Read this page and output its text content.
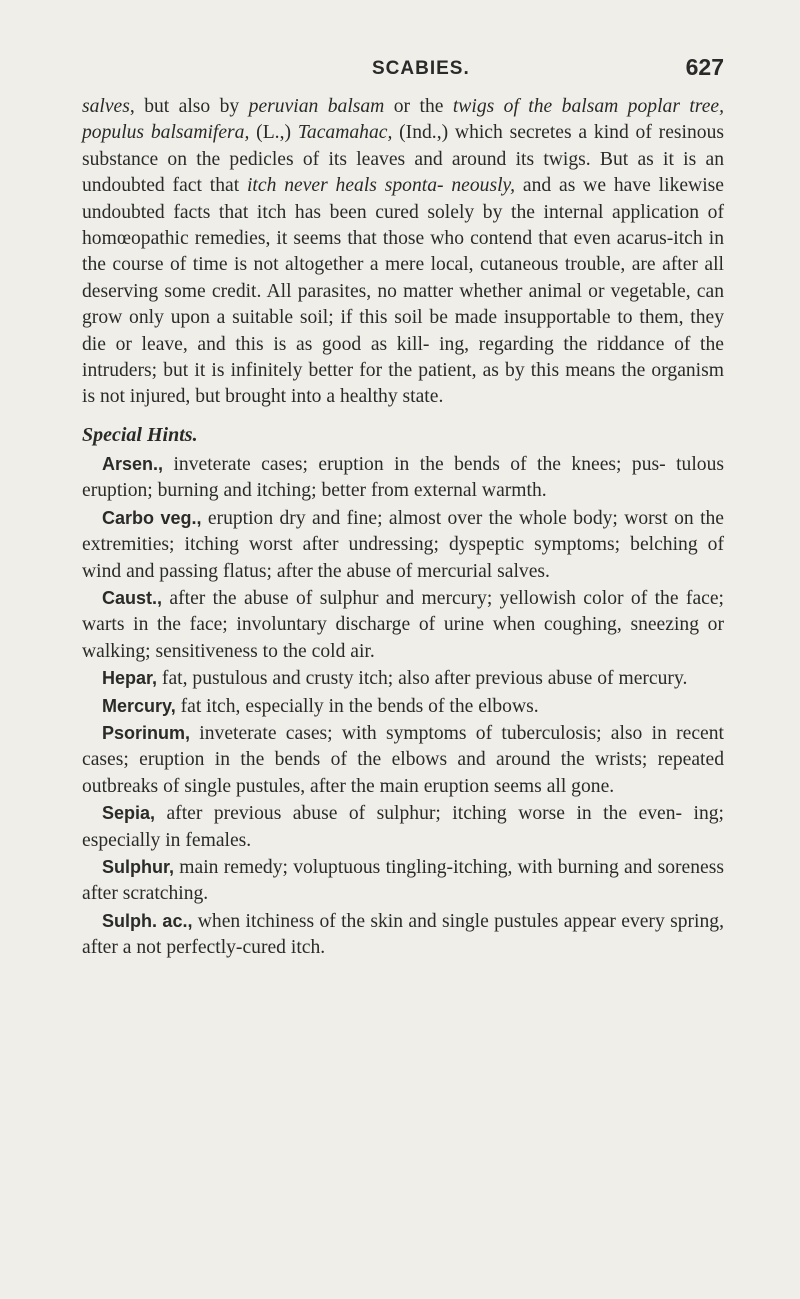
SCABIES.	627

salves, but also by peruvian balsam or the twigs of the balsam poplar tree, populus balsamifera, (L.,) Tacamahac, (Ind.,) which secretes a kind of resinous substance on the pedicles of its leaves and around its twigs. But as it is an undoubted fact that itch never heals sponta- neously, and as we have likewise undoubted facts that itch has been cured solely by the internal application of homœopathic remedies, it seems that those who contend that even acarus-itch in the course of time is not altogether a mere local, cutaneous trouble, are after all deserving some credit. All parasites, no matter whether animal or vegetable, can grow only upon a suitable soil; if this soil be made insupportable to them, they die or leave, and this is as good as kill- ing, regarding the riddance of the intruders; but it is infinitely better for the patient, as by this means the organism is not injured, but brought into a healthy state.

Special Hints.

Arsen., inveterate cases; eruption in the bends of the knees; pus- tulous eruption; burning and itching; better from external warmth.

Carbo veg., eruption dry and fine; almost over the whole body; worst on the extremities; itching worst after undressing; dyspeptic symptoms; belching of wind and passing flatus; after the abuse of mercurial salves.

Caust., after the abuse of sulphur and mercury; yellowish color of the face; warts in the face; involuntary discharge of urine when coughing, sneezing or walking; sensitiveness to the cold air.

Hepar, fat, pustulous and crusty itch; also after previous abuse of mercury.

Mercury, fat itch, especially in the bends of the elbows.

Psorinum, inveterate cases; with symptoms of tuberculosis; also in recent cases; eruption in the bends of the elbows and around the wrists; repeated outbreaks of single pustules, after the main eruption seems all gone.

Sepia, after previous abuse of sulphur; itching worse in the even- ing; especially in females.

Sulphur, main remedy; voluptuous tingling-itching, with burning and soreness after scratching.

Sulph. ac., when itchiness of the skin and single pustules appear every spring, after a not perfectly-cured itch.
